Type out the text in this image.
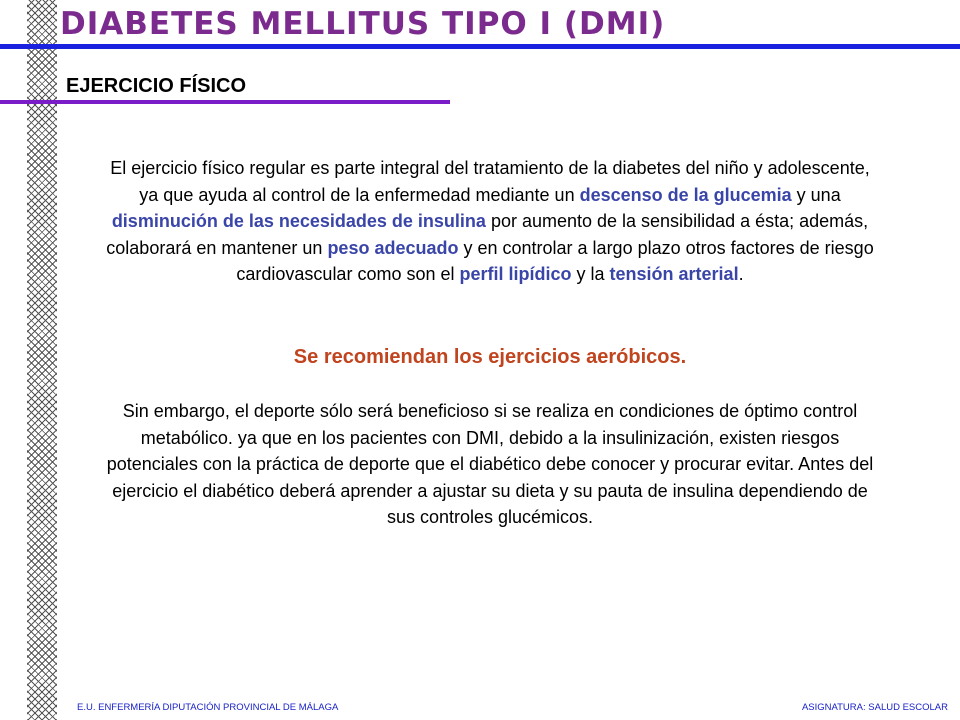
DIABETES MELLITUS TIPO I (DMI)
EJERCICIO FÍSICO

El ejercicio físico regular es parte integral del tratamiento de la diabetes del niño y adolescente, ya que ayuda al control de la enfermedad mediante un descenso de la glucemia y una disminución de las necesidades de insulina por aumento de la sensibilidad a ésta; además, colaborará en mantener un peso adecuado y en controlar a largo plazo otros factores de riesgo cardiovascular como son el perfil lipídico y la tensión arterial.

Se recomiendan los ejercicios aeróbicos.

Sin embargo, el deporte sólo será beneficioso si se realiza en condiciones de óptimo control metabólico. ya que en los pacientes con DMI, debido a la insulinización, existen riesgos potenciales con la práctica de deporte que el diabético debe conocer y procurar evitar. Antes del ejercicio el diabético deberá aprender a ajustar su dieta y su pauta de insulina dependiendo de sus controles glucémicos.

E.U. ENFERMERÍA DIPUTACIÓN PROVINCIAL DE MÁLAGA	ASIGNATURA: SALUD ESCOLAR
